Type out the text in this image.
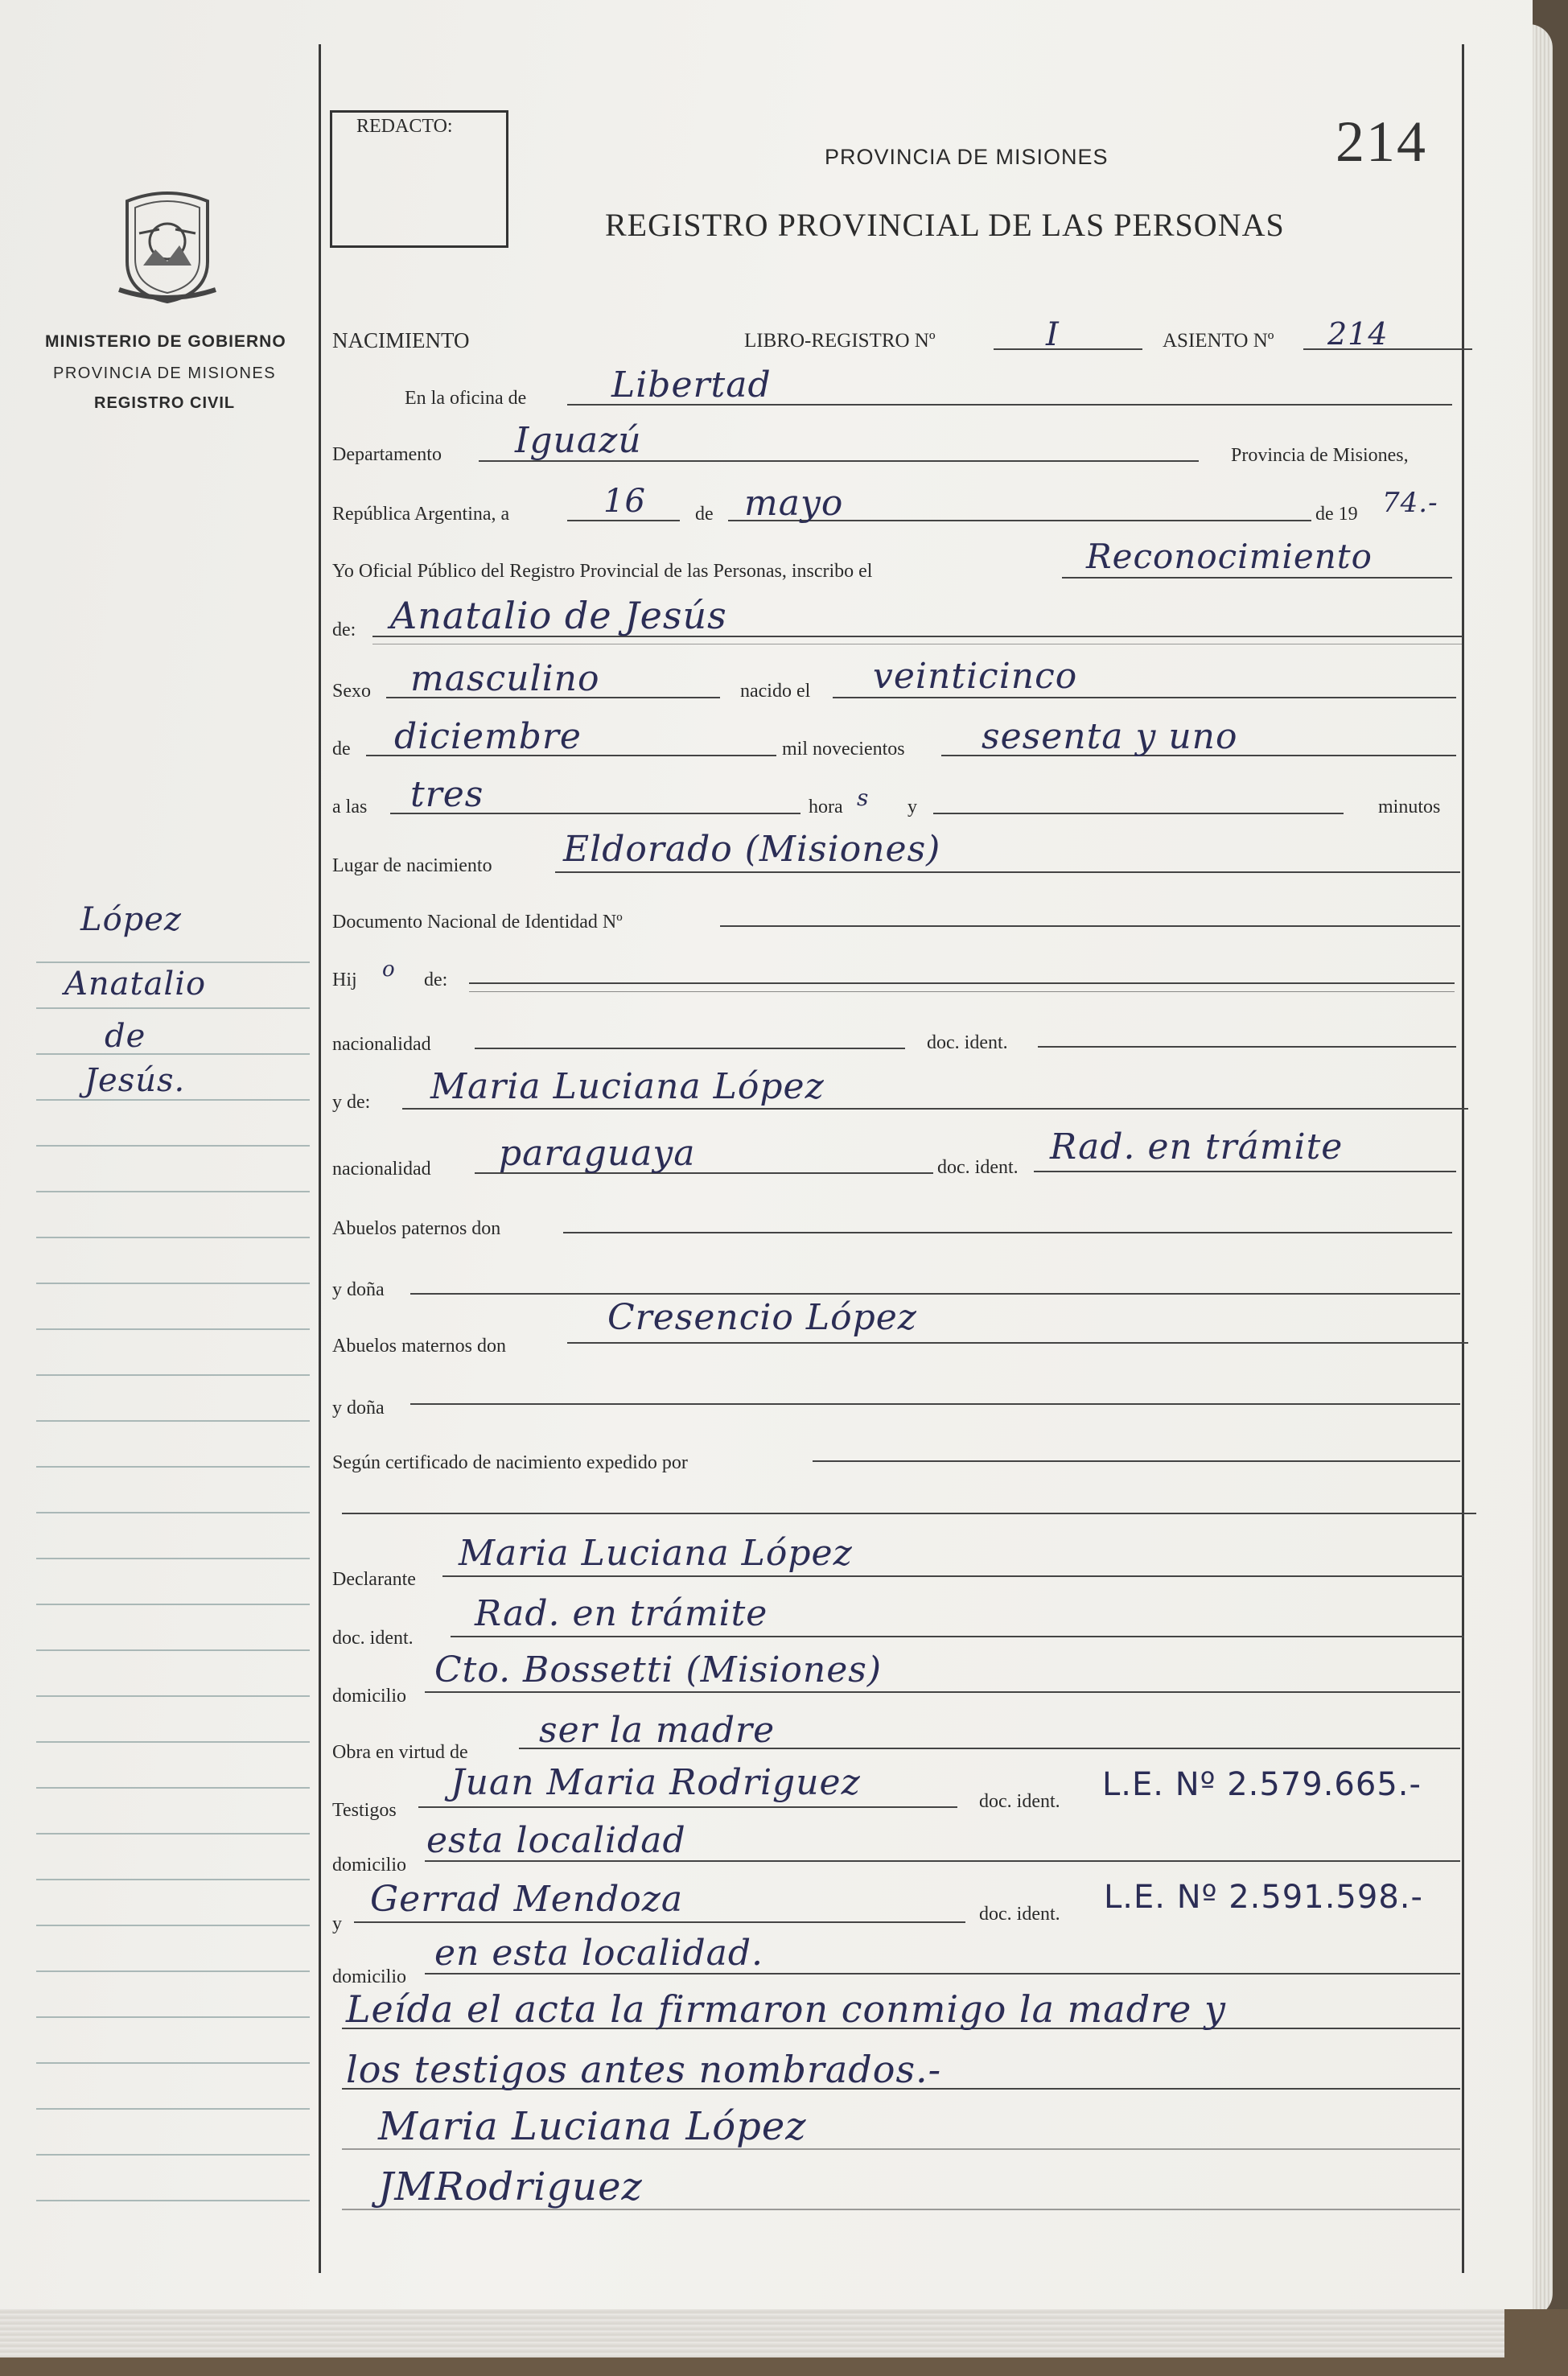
MINISTERIO DE GOBIERNO
PROVINCIA DE MISIONES
REGISTRO CIVIL
López
Anatalio
de
Jesús.
REDACTO:
PROVINCIA DE MISIONES
REGISTRO PROVINCIAL DE LAS PERSONAS
214
NACIMIENTO	LIBRO-REGISTRO Nº	I	ASIENTO Nº 214
En la oficina de Libertad
Departamento Iguazú	Provincia de Misiones,
República Argentina, a	16	de mayo	de 19 74.-
Yo Oficial Público del Registro Provincial de las Personas, inscribo el	Reconocimiento
de: Anatalio de Jesús
Sexo masculino	nacido el veinticinco
de diciembre	mil novecientos sesenta y uno
a las tres	hora s y	minutos
Lugar de nacimiento Eldorado (Misiones)
Documento Nacional de Identidad Nº
Hij o de:
nacionalidad	doc. ident.
y de: Maria Luciana López
nacionalidad paraguaya	doc. ident. Rad. en trámite
Abuelos paternos don
y doña
Abuelos maternos don
Cresencio López
y doña
Según certificado de nacimiento expedido por
Declarante
Maria Luciana López
doc. ident.
Rad. en trámite
domicilio
Cto. Bossetti (Misiones)
Obra en virtud de
ser la madre
Testigos
Juan Maria Rodriguez	doc. ident. L.E. Nº 2.579.665.-
domicilio
esta localidad
y
Gerrad Mendoza	doc. ident. L.E. Nº 2.591.598.-
domicilio
en esta localidad.
Leída el acta la firmaron conmigo la madre y
los testigos antes nombrados.-
Maria Luciana López
JMRodriguez
